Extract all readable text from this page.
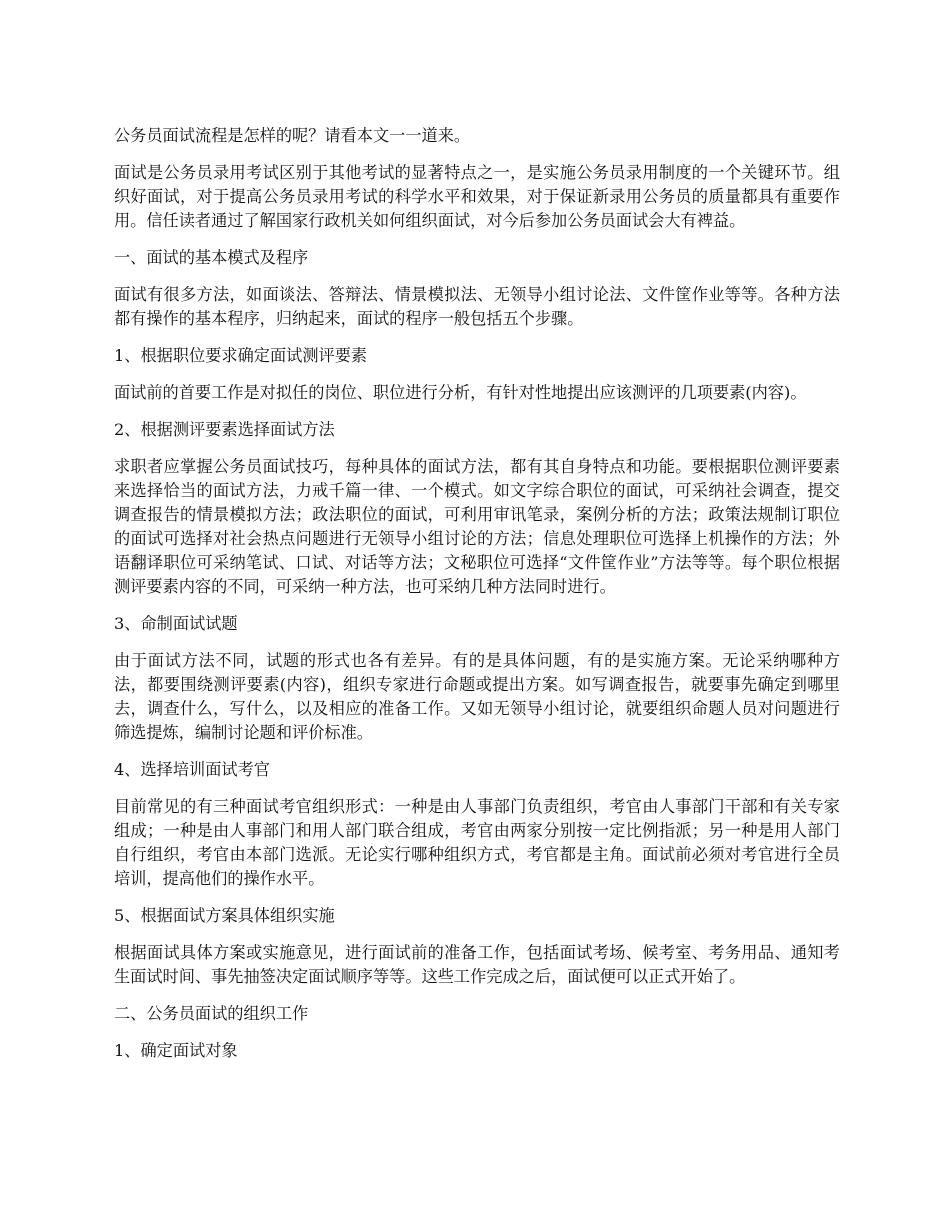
公务员面试流程是怎样的呢？请看本文一一道来。

面试是公务员录用考试区别于其他考试的显著特点之一，是实施公务员录用制度的一个关键环节。组织好面试，对于提高公务员录用考试的科学水平和效果，对于保证新录用公务员的质量都具有重要作用。信任读者通过了解国家行政机关如何组织面试，对今后参加公务员面试会大有裨益。

一、面试的基本模式及程序

面试有很多方法，如面谈法、答辩法、情景模拟法、无领导小组讨论法、文件筐作业等等。各种方法都有操作的基本程序，归纳起来，面试的程序一般包括五个步骤。

1、根据职位要求确定面试测评要素

面试前的首要工作是对拟任的岗位、职位进行分析，有针对性地提出应该测评的几项要素(内容)。

2、根据测评要素选择面试方法

求职者应掌握公务员面试技巧，每种具体的面试方法，都有其自身特点和功能。要根据职位测评要素来选择恰当的面试方法，力戒千篇一律、一个模式。如文字综合职位的面试，可采纳社会调查，提交调查报告的情景模拟方法；政法职位的面试，可利用审讯笔录，案例分析的方法；政策法规制订职位的面试可选择对社会热点问题进行无领导小组讨论的方法；信息处理职位可选择上机操作的方法；外语翻译职位可采纳笔试、口试、对话等方法；文秘职位可选择“文件筐作业”方法等等。每个职位根据测评要素内容的不同，可采纳一种方法，也可采纳几种方法同时进行。

3、命制面试试题

由于面试方法不同，试题的形式也各有差异。有的是具体问题，有的是实施方案。无论采纳哪种方法，都要围绕测评要素(内容)，组织专家进行命题或提出方案。如写调查报告，就要事先确定到哪里去，调查什么，写什么，以及相应的准备工作。又如无领导小组讨论，就要组织命题人员对问题进行筛选提炼，编制讨论题和评价标准。

4、选择培训面试考官

目前常见的有三种面试考官组织形式：一种是由人事部门负责组织，考官由人事部门干部和有关专家组成；一种是由人事部门和用人部门联合组成，考官由两家分别按一定比例指派；另一种是用人部门自行组织，考官由本部门选派。无论实行哪种组织方式，考官都是主角。面试前必须对考官进行全员培训，提高他们的操作水平。

5、根据面试方案具体组织实施

根据面试具体方案或实施意见，进行面试前的准备工作，包括面试考场、候考室、考务用品、通知考生面试时间、事先抽签决定面试顺序等等。这些工作完成之后，面试便可以正式开始了。

二、公务员面试的组织工作

1、确定面试对象
